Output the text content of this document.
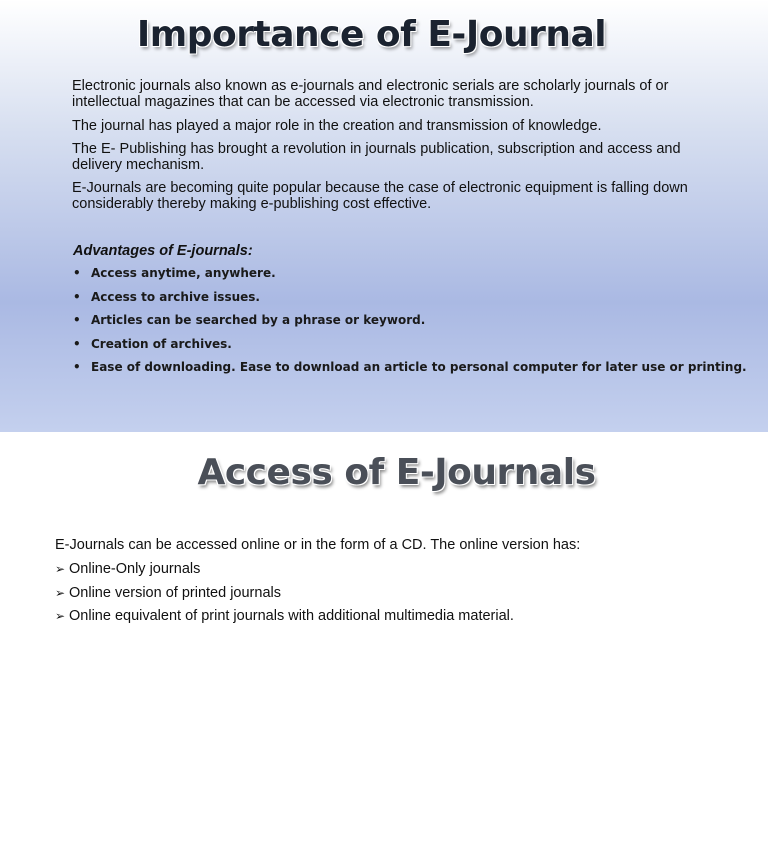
Importance of E-Journal
Electronic journals also known as e-journals and electronic serials are scholarly journals of or intellectual magazines that can be accessed via electronic transmission.
The journal has played a major role in the creation and transmission of knowledge.
The E- Publishing has brought a revolution in journals publication, subscription and access and delivery mechanism.
E-Journals are becoming quite popular because the case of electronic equipment is falling down considerably thereby making e-publishing cost effective.
Advantages of E-journals:
• Access anytime, anywhere.
• Access to archive issues.
• Articles can be searched by a phrase or keyword.
• Creation of archives.
• Ease of downloading. Ease to download an article to personal computer for later use or printing.
Access of E-Journals
E-Journals can be accessed online or in the form of a CD. The online version has:
➢ Online-Only journals
➢ Online version of printed journals
➢ Online equivalent of print journals with additional multimedia material.
